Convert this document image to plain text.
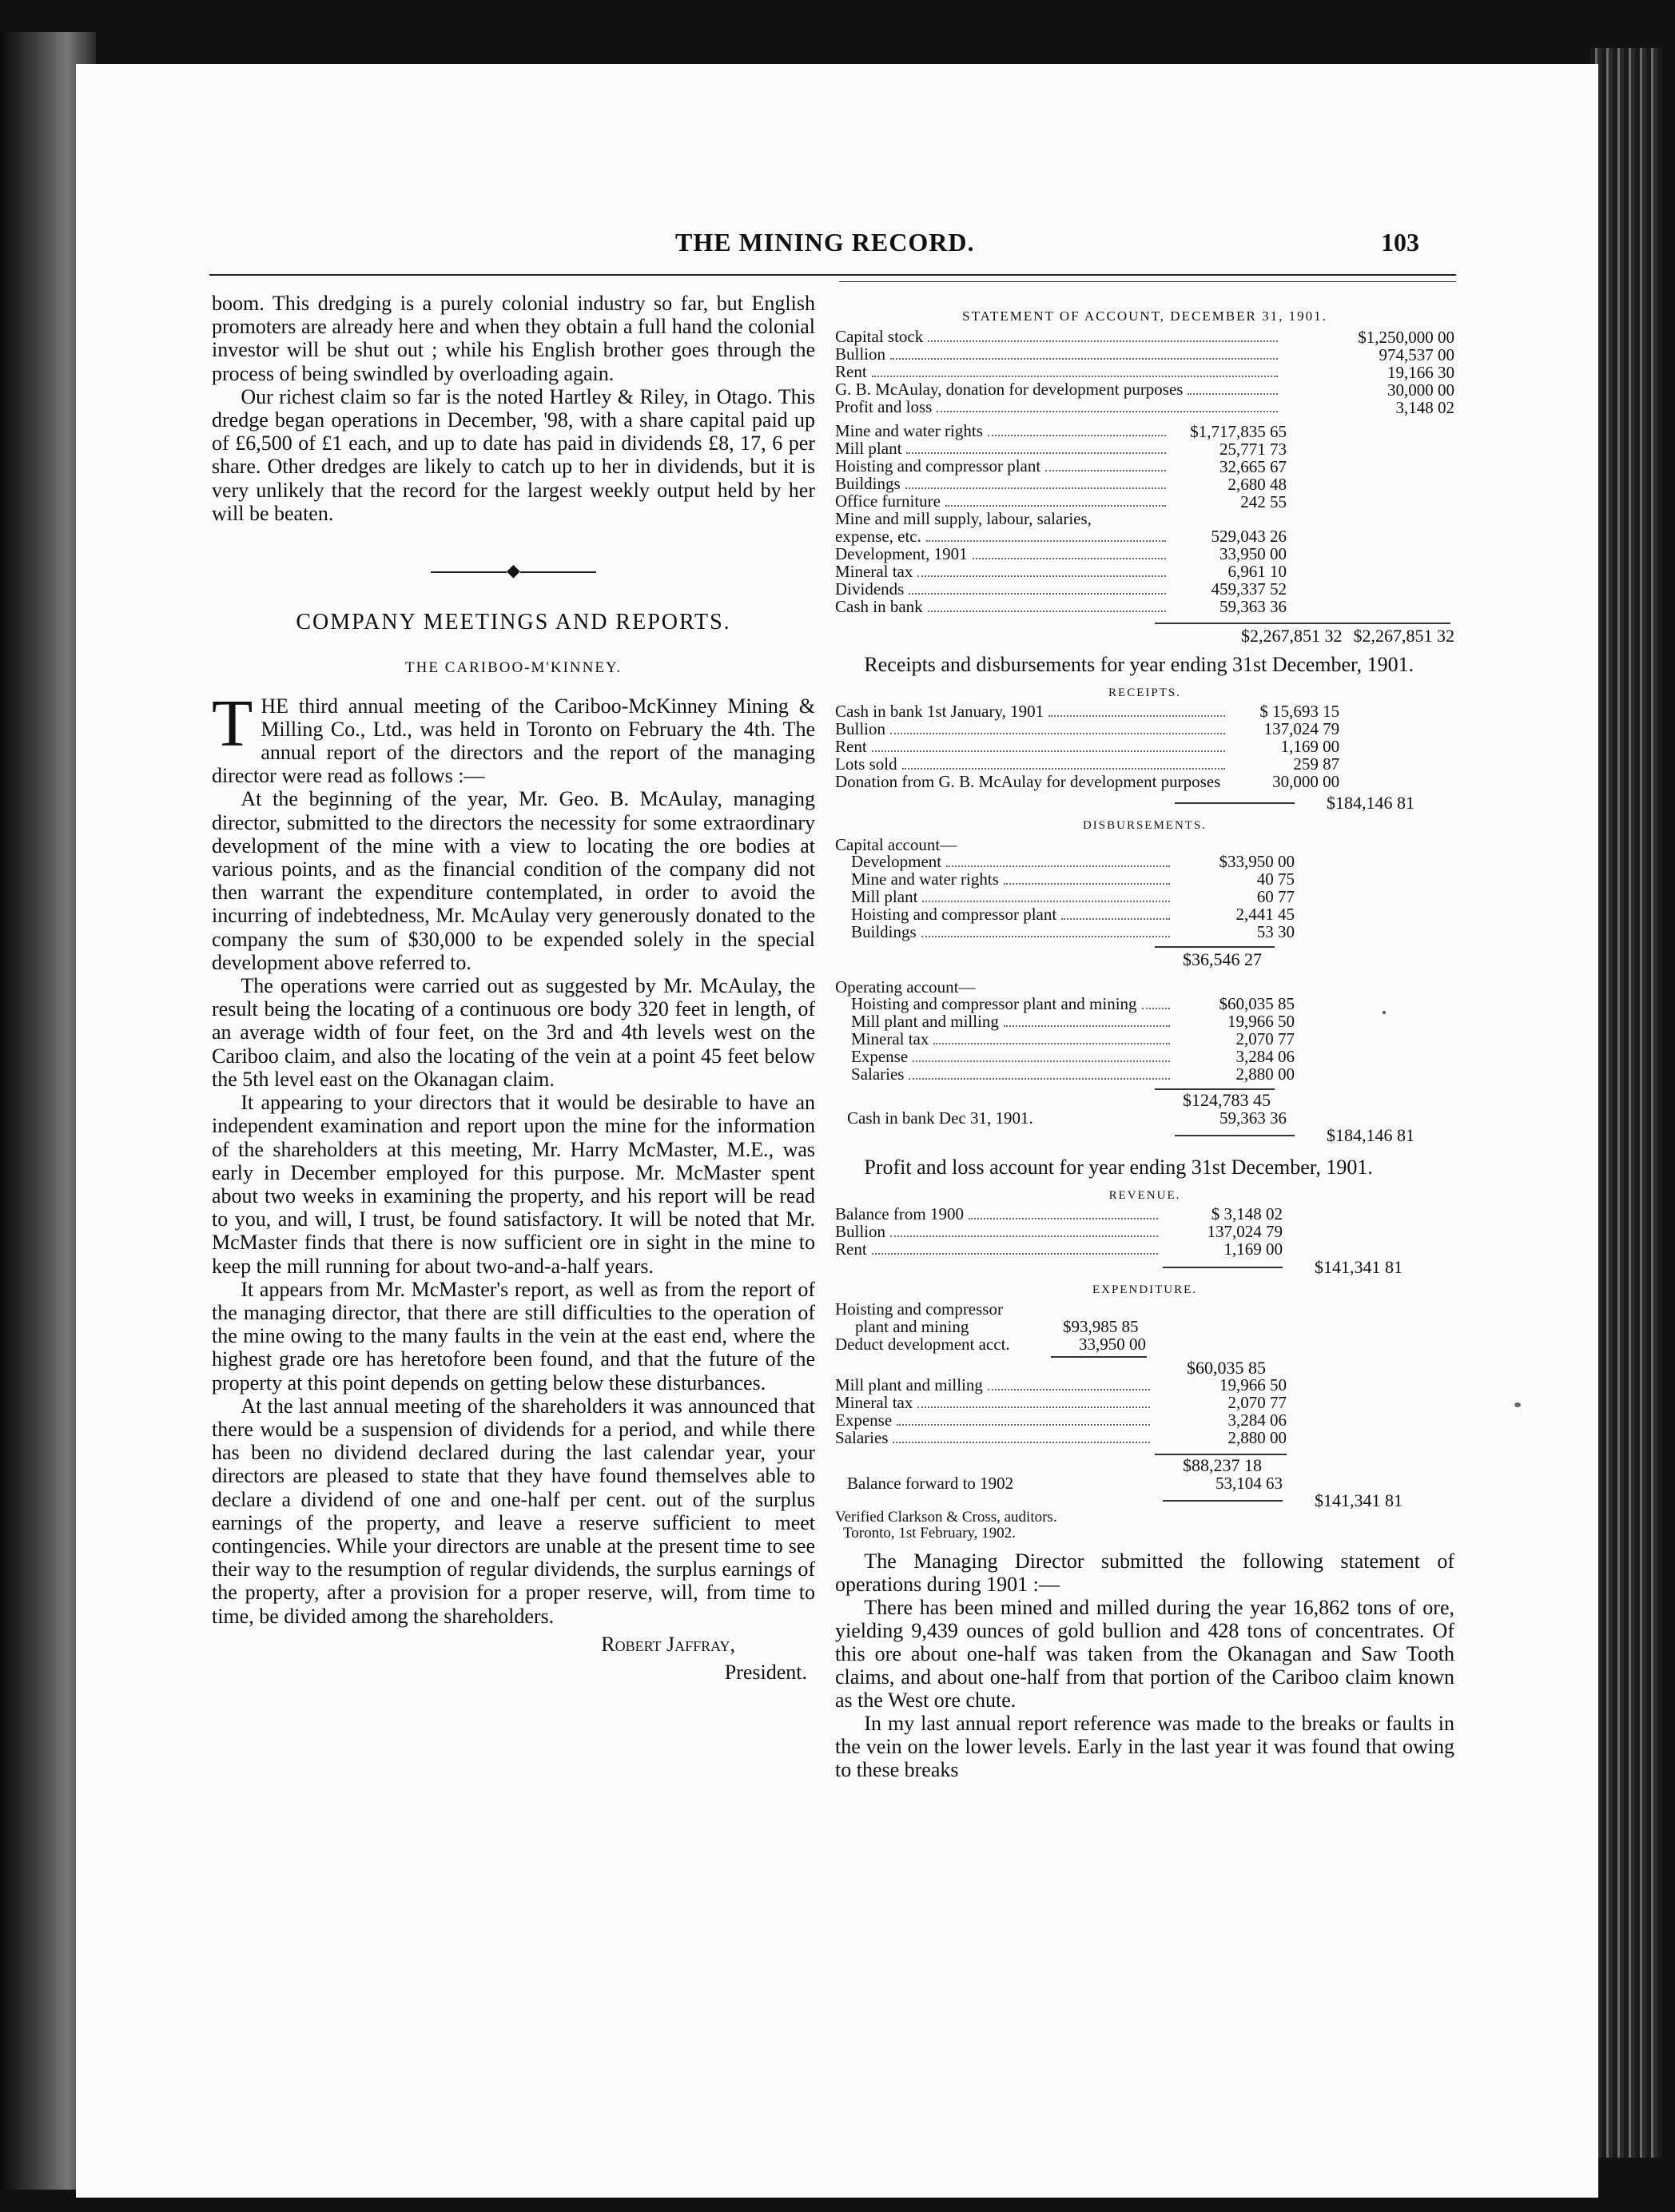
THE MINING RECORD.	103

boom. This dredging is a purely colonial industry so far, but English promoters are already here and when they obtain a full hand the colonial investor will be shut out ; while his English brother goes through the process of being swindled by overloading again.

Our richest claim so far is the noted Hartley & Riley, in Otago. This dredge began operations in December, '98, with a share capital paid up of £6,500 of £1 each, and up to date has paid in dividends £8, 17, 6 per share. Other dredges are likely to catch up to her in dividends, but it is very unlikely that the record for the largest weekly output held by her will be beaten.

◆
COMPANY MEETINGS AND REPORTS.
THE CARIBOO-M'KINNEY.

THE third annual meeting of the Cariboo-McKinney Mining & Milling Co., Ltd., was held in Toronto on February the 4th. The annual report of the directors and the report of the managing director were read as follows :—

At the beginning of the year, Mr. Geo. B. McAulay, managing director, submitted to the directors the necessity for some extraordinary development of the mine with a view to locating the ore bodies at various points, and as the financial condition of the company did not then warrant the expenditure contemplated, in order to avoid the incurring of indebtedness, Mr. McAulay very generously donated to the company the sum of $30,000 to be expended solely in the special development above referred to.

The operations were carried out as suggested by Mr. McAulay, the result being the locating of a continuous ore body 320 feet in length, of an average width of four feet, on the 3rd and 4th levels west on the Cariboo claim, and also the locating of the vein at a point 45 feet below the 5th level east on the Okanagan claim.

It appearing to your directors that it would be desirable to have an independent examination and report upon the mine for the information of the shareholders at this meeting, Mr. Harry McMaster, M.E., was early in December employed for this purpose. Mr. McMaster spent about two weeks in examining the property, and his report will be read to you, and will, I trust, be found satisfactory. It will be noted that Mr. McMaster finds that there is now sufficient ore in sight in the mine to keep the mill running for about two-and-a-half years.

It appears from Mr. McMaster's report, as well as from the report of the managing director, that there are still difficulties to the operation of the mine owing to the many faults in the vein at the east end, where the highest grade ore has heretofore been found, and that the future of the property at this point depends on getting below these disturbances.

At the last annual meeting of the shareholders it was announced that there would be a suspension of dividends for a period, and while there has been no dividend declared during the last calendar year, your directors are pleased to state that they have found themselves able to declare a dividend of one and one-half per cent. out of the surplus earnings of the property, and leave a reserve sufficient to meet contingencies. While your directors are unable at the present time to see their way to the resumption of regular dividends, the surplus earnings of the property, after a provision for a proper reserve, will, from time to time, be divided among the shareholders.

Robert Jaffray,
President.
STATEMENT OF ACCOUNT, DECEMBER 31, 1901.
Capital stock	$1,250,000 00

Bullion	974,537 00

Rent	19,166 30

G. B. McAulay, donation for development purposes	30,000 00

Profit and loss	3,148 02
Mine and water rights	$1,717,835 65	

Mill plant	25,771 73	

Hoisting and compressor plant	32,665 67	

Buildings	2,680 48	

Office furniture	242 55	

Mine and mill supply, labour, salaries,		

expense, etc.	529,043 26	

Development, 1901	33,950 00	

Mineral tax	6,961 10	

Dividends	459,337 52	

Cash in bank	59,363 36	
$2,267,851 32 $2,267,851 32

Receipts and disbursements for year ending 31st December, 1901.

RECEIPTS.
Cash in bank 1st January, 1901	$ 15,693 15	

Bullion	137,024 79	

Rent	1,169 00	

Lots sold	259 87	

Donation from G. B. McAulay for development purposes	30,000 00	
$184,146 81
DISBURSEMENTS.
Capital account—
Development	$33,950 00	

Mine and water rights	40 75	

Mill plant	60 77	

Hoisting and compressor plant	2,441 45	

Buildings	53 30	
$36,546 27
Operating account—
Hoisting and compressor plant and mining	$60,035 85	

Mill plant and milling	19,966 50	

Mineral tax	2,070 77	

Expense	3,284 06	

Salaries	2,880 00	
$124,783 45
Cash in bank Dec 31, 1901.	59,363 36
$184,146 81

Profit and loss account for year ending 31st December, 1901.

REVENUE.
Balance from 1900	$ 3,148 02	

Bullion	137,024 79	

Rent	1,169 00	
$141,341 81
EXPENDITURE.
Hoisting and compressor
plant and mining	$93,985 85
Deduct development acct.	33,950 00
$60,035 85
Mill plant and milling	19,966 50	

Mineral tax	2,070 77	

Expense	3,284 06	

Salaries	2,880 00	
$88,237 18
Balance forward to 1902	53,104 63
$141,341 81
Verified Clarkson & Cross, auditors.
Toronto, 1st February, 1902.

The Managing Director submitted the following statement of operations during 1901 :—

There has been mined and milled during the year 16,862 tons of ore, yielding 9,439 ounces of gold bullion and 428 tons of concentrates. Of this ore about one-half was taken from the Okanagan and Saw Tooth claims, and about one-half from that portion of the Cariboo claim known as the West ore chute.

In my last annual report reference was made to the breaks or faults in the vein on the lower levels. Early in the last year it was found that owing to these breaks
